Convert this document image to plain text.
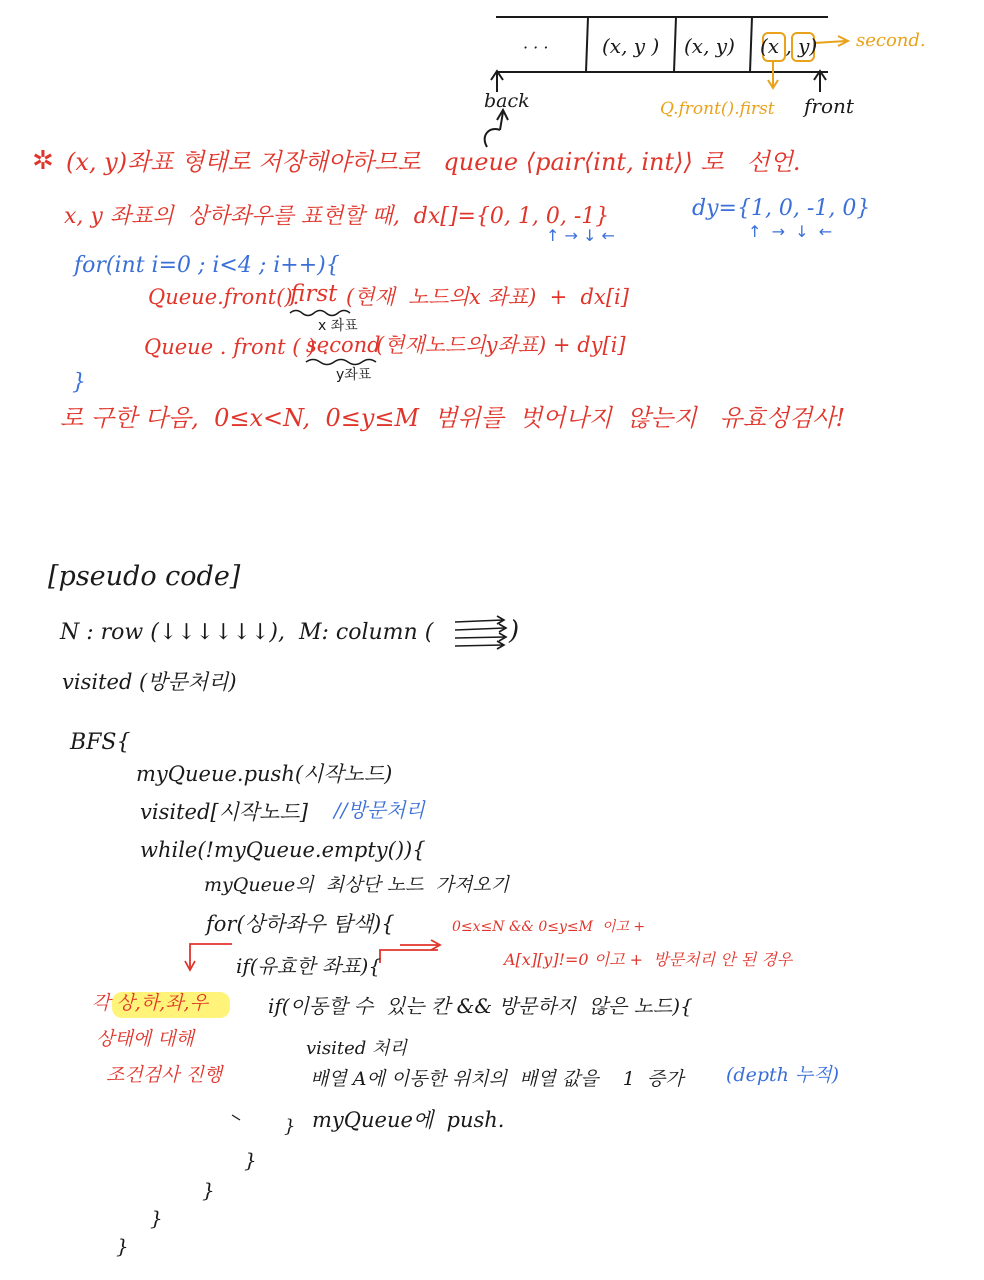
· · ·	(x, y ) (x, y) (x , y) second.
back	Q.front().first front
✲ (x, y)좌표 형태로 저장해야하므로   queue ⟨pair⟨int, int⟩⟩ 로   선언.
x, y 좌표의  상하좌우를 표현할 때,  dx[]={0, 1, 0, -1}	dy={1, 0, -1, 0}
↑ → ↓ ←	↑  →  ↓  ←
for(int i=0 ; i<4 ; i++){
Queue.front().
first (현재  노드의x 좌표)  +  dx[i]
x 좌표
Queue . front ( ) .
second
(현재노드의y좌표) + dy[i]
y좌표
}
로 구한 다음,  0≤x<N,  0≤y≤M  범위를  벗어나지  않는지   유효성검사!
[pseudo code]
N : row (↓↓↓↓↓↓),  M: column (	)
visited (방문처리)
BFS{
myQueue.push(시작노드)
visited[시작노드] //방문처리
while(!myQueue.empty()){
myQueue의  최상단 노드  가져오기
for(상하좌우 탐색){	0≤x≤N && 0≤y≤M  이고 +
A[x][y]!=0 이고 +  방문처리 안 된 경우
if(유효한 좌표){
각 상,하,좌,우
상태에 대해
조건검사 진행
if(이동할 수  있는 칸 && 방문하지  않은 노드){
visited 처리
배열 A에 이동한 위치의  배열 값을    1  증가 (depth 누적)
} myQueue에  push.
}
}
}
}
